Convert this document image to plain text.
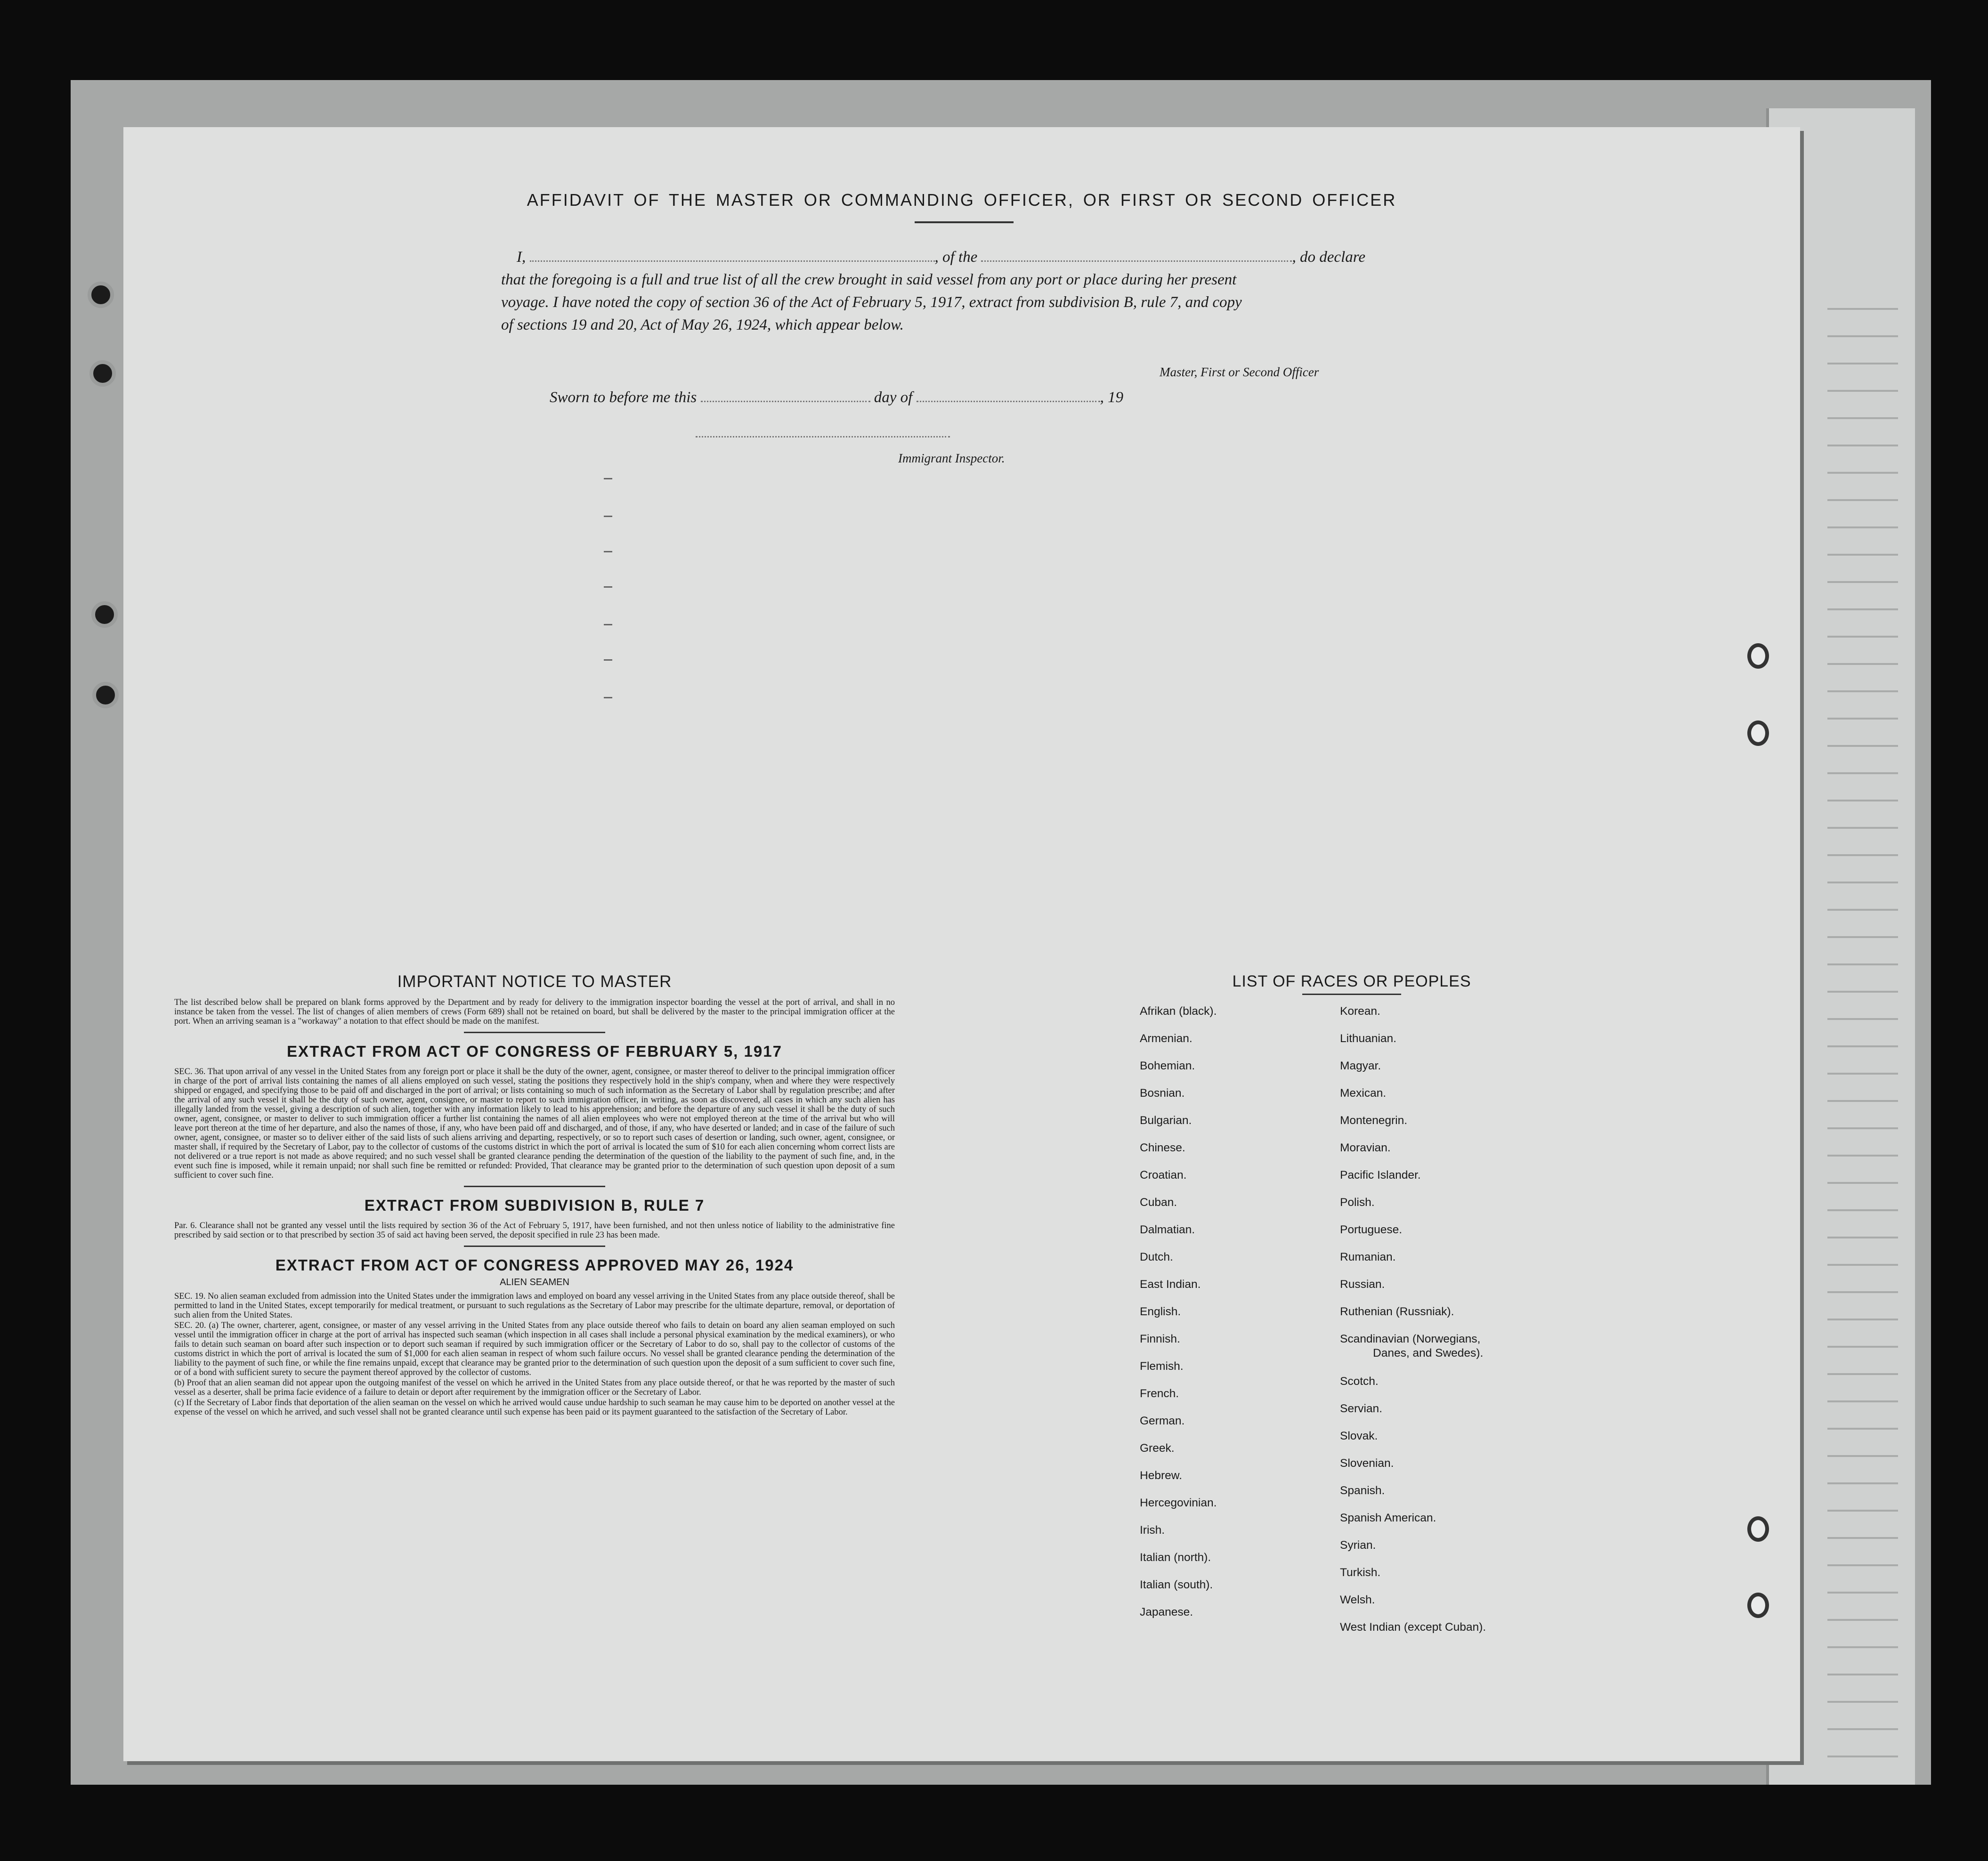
AFFIDAVIT OF THE MASTER OR COMMANDING OFFICER, OR FIRST OR SECOND OFFICER
I,	, of the	, do declare
that the foregoing is a full and true list of all the crew brought in said vessel from any port or place during her present
voyage. I have noted the copy of section 36 of the Act of February 5, 1917, extract from subdivision B, rule 7, and copy
of sections 19 and 20, Act of May 26, 1924, which appear below.
Master, First or Second Officer
Sworn to before me this	day of	, 19
Immigrant Inspector.
IMPORTANT NOTICE TO MASTER

The list described below shall be prepared on blank forms approved by the Department and by ready for delivery to the immigration inspector boarding the vessel at the port of arrival, and shall in no instance be taken from the vessel. The list of changes of alien members of crews (Form 689) shall not be retained on board, but shall be delivered by the master to the principal immigration officer at the port. When an arriving seaman is a "workaway" a notation to that effect should be made on the manifest.

EXTRACT FROM ACT OF CONGRESS OF FEBRUARY 5, 1917

SEC. 36. That upon arrival of any vessel in the United States from any foreign port or place it shall be the duty of the owner, agent, consignee, or master thereof to deliver to the principal immigration officer in charge of the port of arrival lists containing the names of all aliens employed on such vessel, stating the positions they respectively hold in the ship's company, when and where they were respectively shipped or engaged, and specifying those to be paid off and discharged in the port of arrival; or lists containing so much of such information as the Secretary of Labor shall by regulation prescribe; and after the arrival of any such vessel it shall be the duty of such owner, agent, consignee, or master to report to such immigration officer, in writing, as soon as discovered, all cases in which any such alien has illegally landed from the vessel, giving a description of such alien, together with any information likely to lead to his apprehension; and before the departure of any such vessel it shall be the duty of such owner, agent, consignee, or master to deliver to such immigration officer a further list containing the names of all alien employees who were not employed thereon at the time of the arrival but who will leave port thereon at the time of her departure, and also the names of those, if any, who have been paid off and discharged, and of those, if any, who have deserted or landed; and in case of the failure of such owner, agent, consignee, or master so to deliver either of the said lists of such aliens arriving and departing, respectively, or so to report such cases of desertion or landing, such owner, agent, consignee, or master shall, if required by the Secretary of Labor, pay to the collector of customs of the customs district in which the port of arrival is located the sum of $10 for each alien concerning whom correct lists are not delivered or a true report is not made as above required; and no such vessel shall be granted clearance pending the determination of the question of the liability to the payment of such fine, and, in the event such fine is imposed, while it remain unpaid; nor shall such fine be remitted or refunded: Provided, That clearance may be granted prior to the determination of such question upon deposit of a sum sufficient to cover such fine.

EXTRACT FROM SUBDIVISION B, RULE 7

Par. 6. Clearance shall not be granted any vessel until the lists required by section 36 of the Act of February 5, 1917, have been furnished, and not then unless notice of liability to the administrative fine prescribed by said section or to that prescribed by section 35 of said act having been served, the deposit specified in rule 23 has been made.

EXTRACT FROM ACT OF CONGRESS APPROVED MAY 26, 1924
ALIEN SEAMEN

SEC. 19. No alien seaman excluded from admission into the United States under the immigration laws and employed on board any vessel arriving in the United States from any place outside thereof, shall be permitted to land in the United States, except temporarily for medical treatment, or pursuant to such regulations as the Secretary of Labor may prescribe for the ultimate departure, removal, or deportation of such alien from the United States.

SEC. 20. (a) The owner, charterer, agent, consignee, or master of any vessel arriving in the United States from any place outside thereof who fails to detain on board any alien seaman employed on such vessel until the immigration officer in charge at the port of arrival has inspected such seaman (which inspection in all cases shall include a personal physical examination by the medical examiners), or who fails to detain such seaman on board after such inspection or to deport such seaman if required by such immigration officer or the Secretary of Labor to do so, shall pay to the collector of customs of the customs district in which the port of arrival is located the sum of $1,000 for each alien seaman in respect of whom such failure occurs. No vessel shall be granted clearance pending the determination of the liability to the payment of such fine, or while the fine remains unpaid, except that clearance may be granted prior to the determination of such question upon the deposit of a sum sufficient to cover such fine, or of a bond with sufficient surety to secure the payment thereof approved by the collector of customs.

(b) Proof that an alien seaman did not appear upon the outgoing manifest of the vessel on which he arrived in the United States from any place outside thereof, or that he was reported by the master of such vessel as a deserter, shall be prima facie evidence of a failure to detain or deport after requirement by the immigration officer or the Secretary of Labor.

(c) If the Secretary of Labor finds that deportation of the alien seaman on the vessel on which he arrived would cause undue hardship to such seaman he may cause him to be deported on another vessel at the expense of the vessel on which he arrived, and such vessel shall not be granted clearance until such expense has been paid or its payment guaranteed to the satisfaction of the Secretary of Labor.

LIST OF RACES OR PEOPLES
Afrikan (black).
Armenian.
Bohemian.
Bosnian.
Bulgarian.
Chinese.
Croatian.
Cuban.
Dalmatian.
Dutch.
East Indian.
English.
Finnish.
Flemish.
French.
German.
Greek.
Hebrew.
Hercegovinian.
Irish.
Italian (north).
Italian (south).
Japanese.
Korean.
Lithuanian.
Magyar.
Mexican.
Montenegrin.
Moravian.
Pacific Islander.
Polish.
Portuguese.
Rumanian.
Russian.
Ruthenian (Russniak).
Scandinavian (Norwegians,
Danes, and Swedes).
Scotch.
Servian.
Slovak.
Slovenian.
Spanish.
Spanish American.
Syrian.
Turkish.
Welsh.
West Indian (except Cuban).
